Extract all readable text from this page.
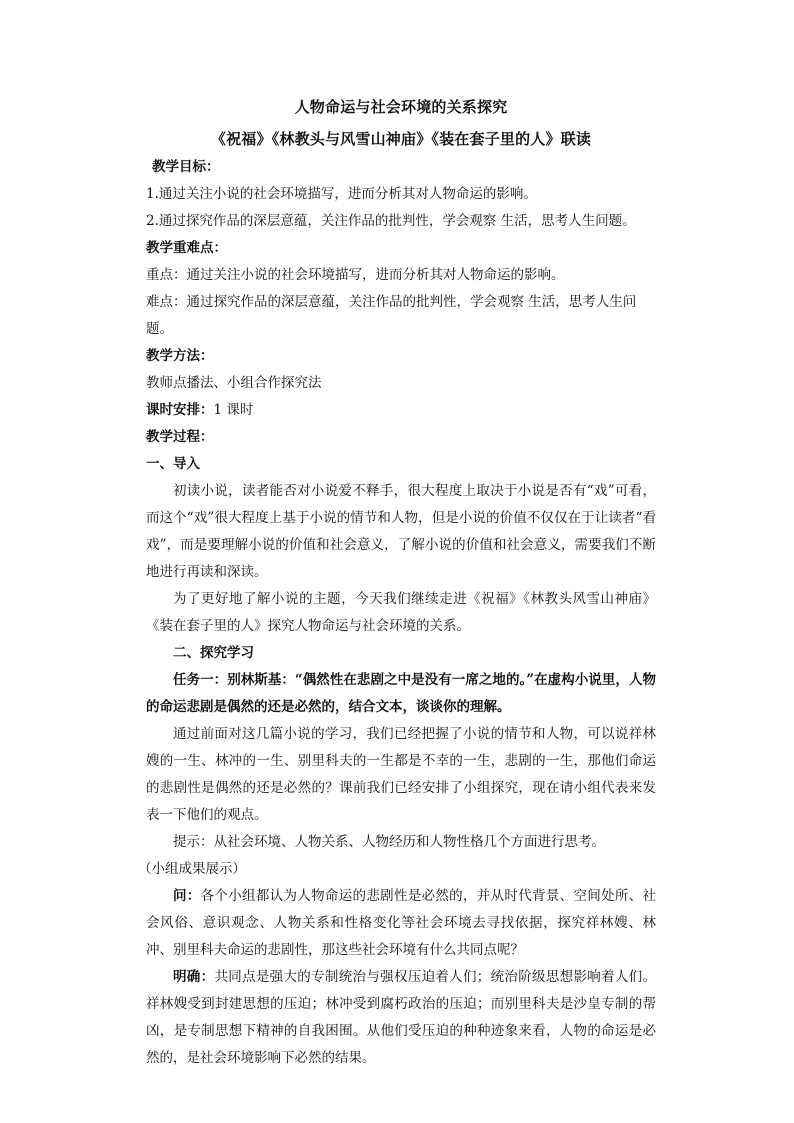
人物命运与社会环境的关系探究

《祝福》《林教头与风雪山神庙》《装在套子里的人》联读

教学目标：

1.通过关注小说的社会环境描写，进而分析其对人物命运的影响。

2.通过探究作品的深层意蕴，关注作品的批判性，学会观察 生活，思考人生问题。

教学重难点：

重点：通过关注小说的社会环境描写，进而分析其对人物命运的影响。

难点：通过探究作品的深层意蕴，关注作品的批判性，学会观察 生活，思考人生问题。

教学方法：

教师点播法、小组合作探究法

课时安排：1 课时

教学过程：

一、导入

初读小说，读者能否对小说爱不释手，很大程度上取决于小说是否有“戏”可看，而这个“戏”很大程度上基于小说的情节和人物，但是小说的价值不仅仅在于让读者“看戏”，而是要理解小说的价值和社会意义，了解小说的价值和社会意义，需要我们不断地进行再读和深读。

为了更好地了解小说的主题，今天我们继续走进《祝福》《林教头风雪山神庙》《装在套子里的人》探究人物命运与社会环境的关系。

二、探究学习

任务一：别林斯基：“偶然性在悲剧之中是没有一席之地的。”在虚构小说里，人物的命运悲剧是偶然的还是必然的，结合文本，谈谈你的理解。

通过前面对这几篇小说的学习，我们已经把握了小说的情节和人物，可以说祥林嫂的一生、林冲的一生、别里科夫的一生都是不幸的一生，悲剧的一生，那他们命运的悲剧性是偶然的还是必然的？课前我们已经安排了小组探究，现在请小组代表来发表一下他们的观点。

提示：从社会环境、人物关系、人物经历和人物性格几个方面进行思考。

（小组成果展示）

问：各个小组都认为人物命运的悲剧性是必然的，并从时代背景、空间处所、社会风俗、意识观念、人物关系和性格变化等社会环境去寻找依据，探究祥林嫂、林冲、别里科夫命运的悲剧性，那这些社会环境有什么共同点呢？

明确：共同点是强大的专制统治与强权压迫着人们；统治阶级思想影响着人们。祥林嫂受到封建思想的压迫；林冲受到腐朽政治的压迫；而别里科夫是沙皇专制的帮凶，是专制思想下精神的自我困囿。从他们受压迫的种种迹象来看，人物的命运是必然的，是社会环境影响下必然的结果。
